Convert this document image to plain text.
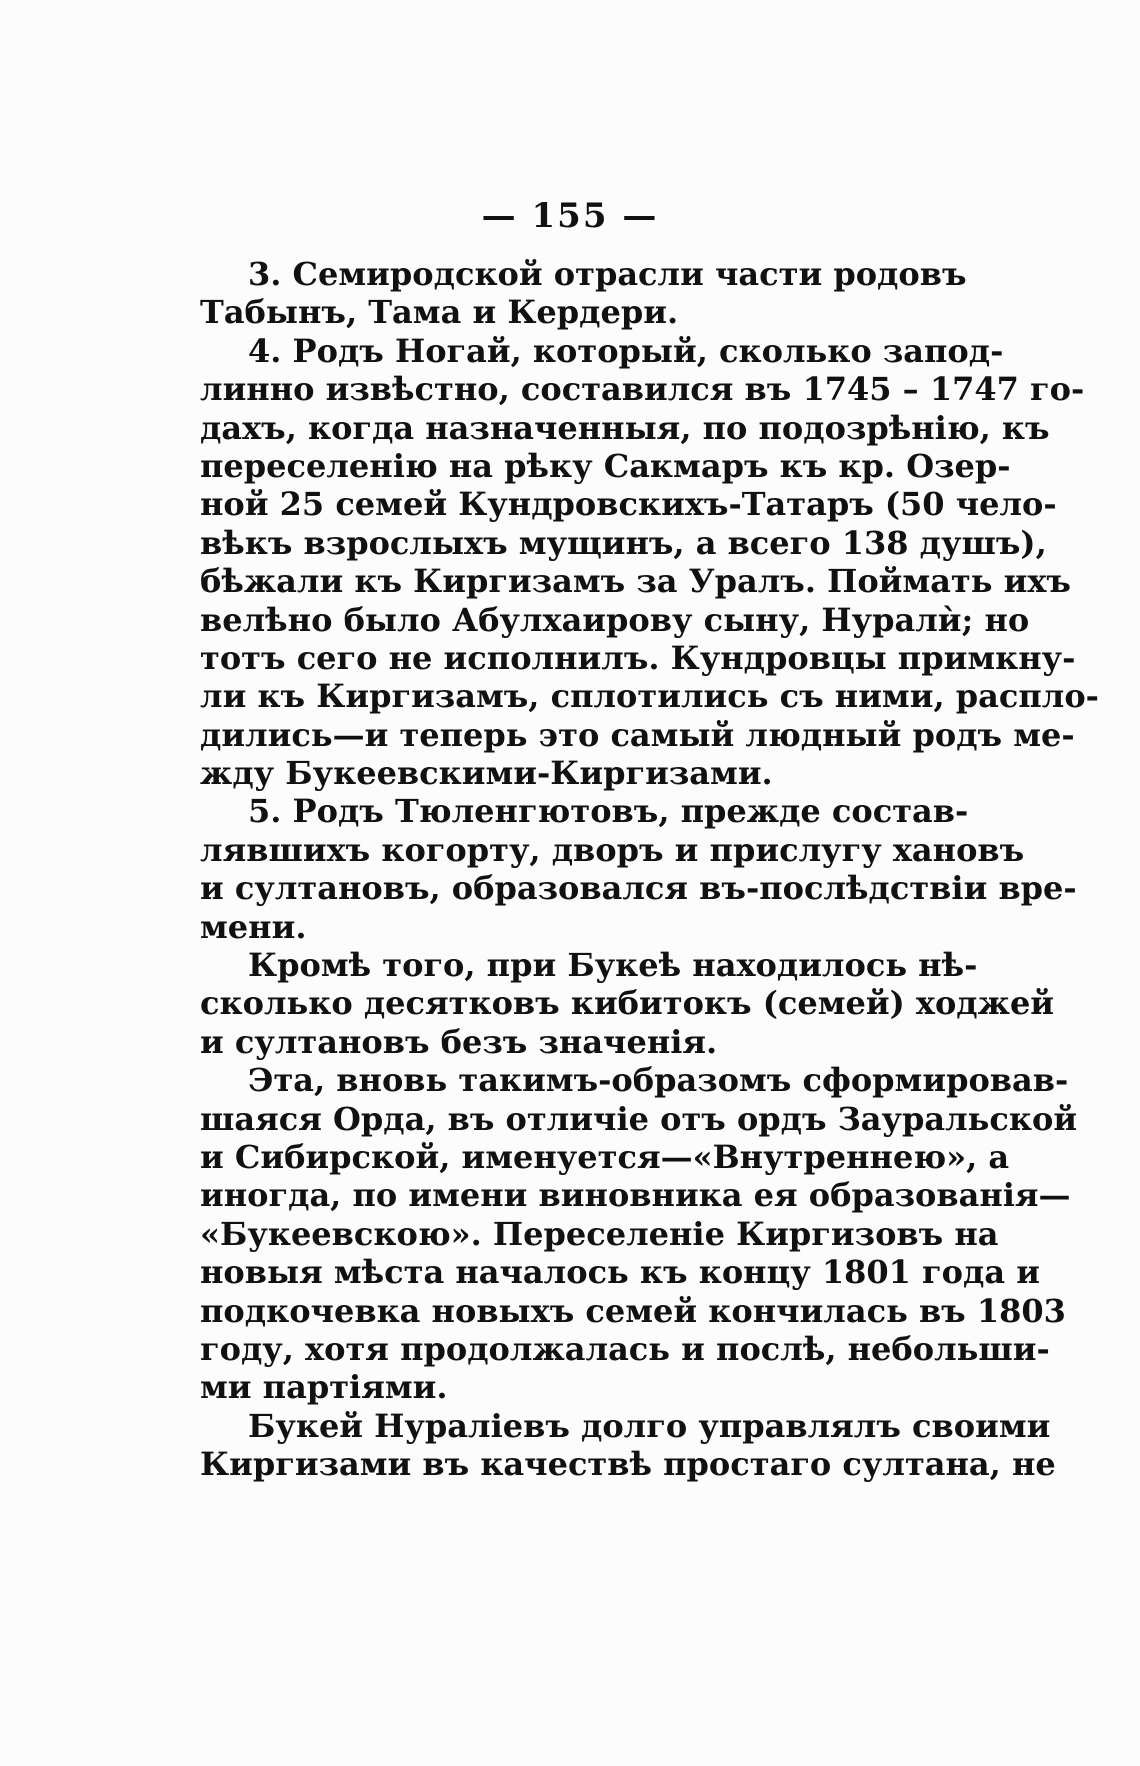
— 155 —
3. Семиродской отрасли части родовъ
Табынъ, Тама и Кердери.
4. Родъ Ногай, который, сколько запод-
линно извѣстно, составился въ 1745 – 1747 го-
дахъ, когда назначенныя, по подозрѣнію, къ
переселенію на рѣку Сакмаръ къ кр. Озер-
ной 25 семей Кундровскихъ-Татаръ (50 чело-
вѣкъ взрослыхъ мущинъ, а всего 138 душъ),
бѣжали къ Киргизамъ за Уралъ. Поймать ихъ
велѣно было Абулхаирову сыну, Нуралѝ; но
тотъ сего не исполнилъ. Кундровцы примкну-
ли къ Киргизамъ, сплотились съ ними, распло-
дились—и теперь это самый людный родъ ме-
жду Букеевскими-Киргизами.
5. Родъ Тюленгютовъ, прежде состав-
лявшихъ когорту, дворъ и прислугу хановъ
и султановъ, образовался въ-послѣдствіи вре-
мени.
Кромѣ того, при Букеѣ находилось нѣ-
сколько десятковъ кибитокъ (семей) ходжей
и султановъ безъ значенія.
Эта, вновь такимъ-образомъ сформировав-
шаяся Орда, въ отличіе отъ ордъ Зауральской
и Сибирской, именуется—«Внутреннею», а
иногда, по имени виновника ея образованія—
«Букеевскою». Переселеніе Киргизовъ на
новыя мѣста началось къ концу 1801 года и
подкочевка новыхъ семей кончилась въ 1803
году, хотя продолжалась и послѣ, небольши-
ми партіями.
Букей Нураліевъ долго управлялъ своими
Киргизами въ качествѣ простаго султана, не
